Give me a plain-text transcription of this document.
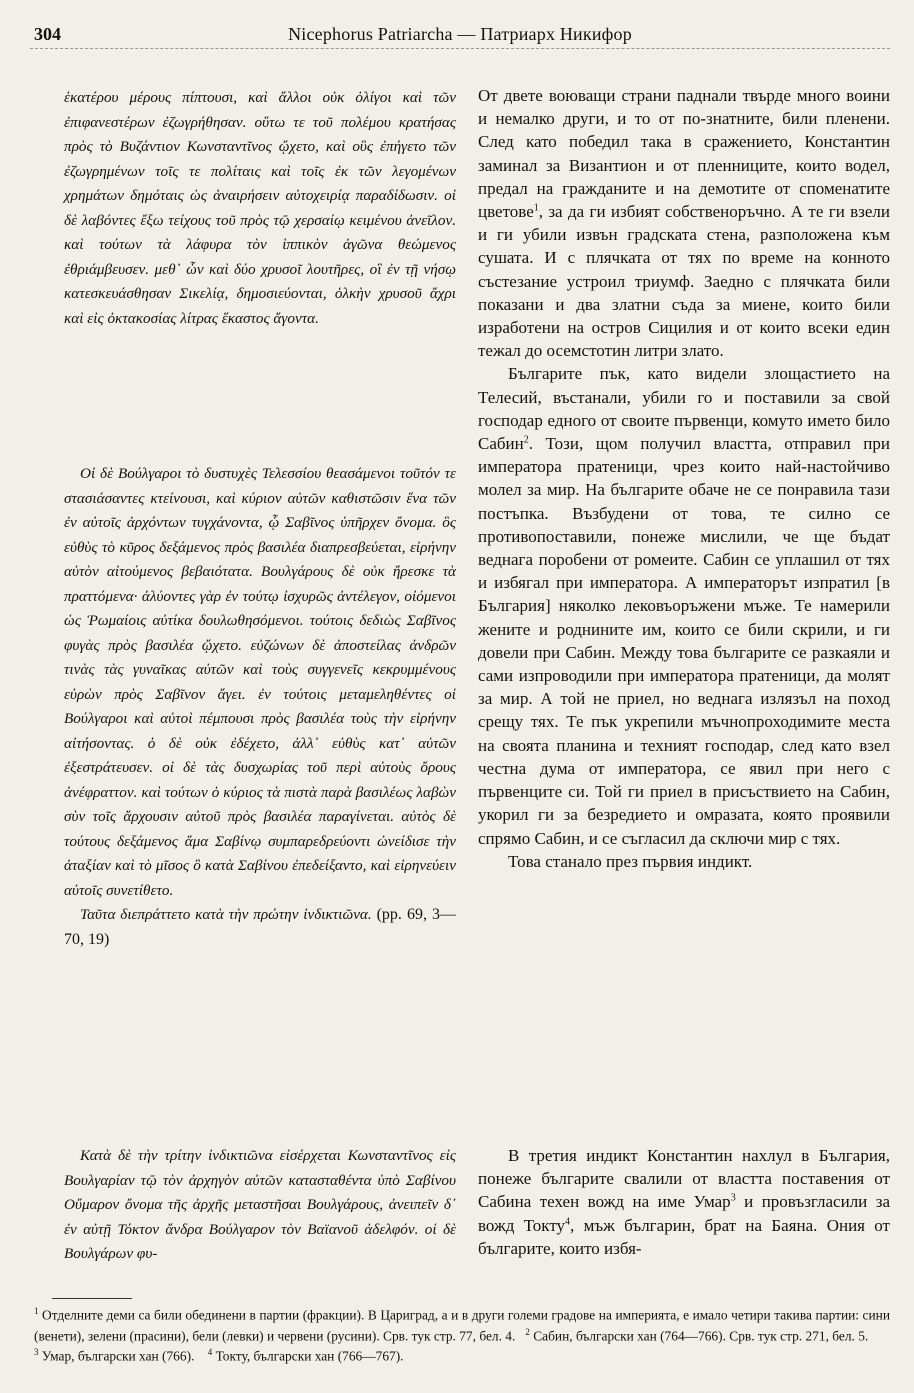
304	Nicephorus Patriarcha — Патриарх Никифор

ἑκατέρου μέρους πίπτουσι, καὶ ἄλλοι οὐκ ὀλίγοι καὶ τῶν ἐπιφανεστέρων ἐζωγρήθησαν. οὕτω τε τοῦ πολέμου κρατήσας πρὸς τὸ Βυζάντιον Κωνσταντῖνος ᾤχετο, καὶ οὓς ἐπήγετο τῶν ἐζωγρημένων τοῖς τε πολίταις καὶ τοῖς ἐκ τῶν λεγομένων χρημάτων δημόταις ὡς ἀναιρήσειν αὐτοχειρίᾳ παραδίδωσιν. οἱ δὲ λαβόντες ἔξω τείχους τοῦ πρὸς τῷ χερσαίῳ κειμένου ἀνεῖλον. καὶ τούτων τὰ λάφυρα τὸν ἱππικὸν ἀγῶνα θεώμενος ἐθριάμβευσεν. μεθ᾿ ὧν καὶ δύο χρυσοῖ λουτῆρες, οἳ ἐν τῇ νήσῳ κατεσκευάσθησαν Σικελίᾳ, δημοσιεύονται, ὁλκὴν χρυσοῦ ἄχρι καὶ εἰς ὀκτακοσίας λίτρας ἕκαστος ἄγοντα.

Οἱ δὲ Βούλγαροι τὸ δυστυχὲς Τελεσσίου θεασάμενοι τοῦτόν τε στασιάσαντες κτείνουσι, καὶ κύριον αὐτῶν καθιστῶσιν ἕνα τῶν ἐν αὐτοῖς ἀρχόντων τυγχάνοντα, ᾧ Σαβῖνος ὑπῆρχεν ὄνομα. ὃς εὐθὺς τὸ κῦρος δεξάμενος πρὸς βασιλέα διαπρεσβεύεται, εἰρήνην αὐτὸν αἰτούμενος βεβαιότατα. Βουλγάρους δὲ οὐκ ἤρεσκε τὰ πραττόμενα· ἀλύοντες γὰρ ἐν τούτῳ ἰσχυρῶς ἀντέλεγον, οἰόμενοι ὡς Ῥωμαίοις αὐτίκα δουλωθησόμενοι. τούτοις δεδιὼς Σαβῖνος φυγὰς πρὸς βασιλέα ᾤχετο. εὐζώνων δὲ ἀποστείλας ἀνδρῶν τινὰς τὰς γυναῖκας αὐτῶν καὶ τοὺς συγγενεῖς κεκρυμμένους εὑρὼν πρὸς Σαβῖνον ἄγει. ἐν τούτοις μεταμεληθέντες οἱ Βούλγαροι καὶ αὐτοὶ πέμπουσι πρὸς βασιλέα τοὺς τὴν εἰρήνην αἰτήσοντας. ὁ δὲ οὐκ ἐδέχετο, ἀλλ᾿ εὐθὺς κατ᾿ αὐτῶν ἐξεστράτευσεν. οἱ δὲ τὰς δυσχωρίας τοῦ περὶ αὐτοὺς ὄρους ἀνέφραττον. καὶ τούτων ὁ κύριος τὰ πιστὰ παρὰ βασιλέως λαβὼν σὺν τοῖς ἄρχουσιν αὐτοῦ πρὸς βασιλέα παραγίνεται. αὐτὸς δὲ τούτους δεξάμενος ἅμα Σαβίνῳ συμπαρεδρεύοντι ὠνείδισε τὴν ἀταξίαν καὶ τὸ μῖσος ὃ κατὰ Σαβίνου ἐπεδείξαντο, καὶ εἰρηνεύειν αὐτοῖς συνετίθετο.

Ταῦτα διεπράττετο κατὰ τὴν πρώτην ἰνδικτιῶνα. (pp. 69, 3—70, 19)

Κατὰ δὲ τὴν τρίτην ἰνδικτιῶνα εἰσέρχεται Κωνσταντῖνος εἰς Βουλγαρίαν τῷ τὸν ἀρχηγὸν αὐτῶν κατασταθέντα ὑπὸ Σαβίνου Οὔμαρον ὄνομα τῆς ἀρχῆς μεταστῆσαι Βουλγάρους, ἀνειπεῖν δ᾿ ἐν αὐτῇ Τόκτον ἄνδρα Βούλγαρον τὸν Βαϊανοῦ ἀδελφόν. οἱ δὲ Βουλγάρων φυ-

От двете воюващи страни паднали твърде много воини и немалко други, и то от по-знатните, били пленени. След като победил така в сражението, Константин заминал за Византион и от пленниците, които водел, предал на гражданите и на демотите от споменатите цветове$^1$, за да ги избият собственоръчно. А те ги взели и ги убили извън градската стена, разположена към сушата. И с плячката от тях по време на конното състезание устроил триумф. Заедно с плячката били показани и два златни съда за миене, които били изработени на остров Сицилия и от които всеки един тежал до осемстотин литри злато.

Българите пък, като видели злощастието на Телесий, въстанали, убили го и поставили за свой господар едного от своите първенци, комуто името било Сабин$^2$. Този, щом получил властта, отправил при императора пратеници, чрез които най-настойчиво молел за мир. На българите обаче не се понравила тази постъпка. Възбудени от това, те силно се противопоставили, понеже мислили, че ще бъдат веднага поробени от ромеите. Сабин се уплашил от тях и избягал при императора. А императорът изпратил [в България] няколко лековъоръжени мъже. Те намерили жените и роднините им, които се били скрили, и ги довели при Сабин. Между това българите се разкаяли и сами изпроводили при императора пратеници, да молят за мир. А той не приел, но веднага излязъл на поход срещу тях. Те пък укрепили мъчнопроходимите места на своята планина и техният господар, след като взел честна дума от императора, се явил при него с първенците си. Той ги приел в присъствието на Сабин, укорил ги за безредието и омразата, която проявили спрямо Сабин, и се съгласил да сключи мир с тях.

Това станало през първия индикт.

В третия индикт Константин нахлул в България, понеже българите свалили от властта поставения от Сабина техен вожд на име Умар$^3$ и провъзгласили за вожд Токту$^4$, мъж българин, брат на Баяна. Ония от българите, които избя-

$^1$ Отделните деми са били обединени в партии (фракции). В Цариград, а и в други големи градове на империята, е имало четири такива партии: сини (венети), зелени (прасини), бели (левки) и червени (русини). Срв. тук стр. 77, бел. 4. $^2$ Сабин, български хан (764—766). Срв. тук стр. 271, бел. 5.

$^3$ Умар, български хан (766). $^4$ Токту, български хан (766—767).
